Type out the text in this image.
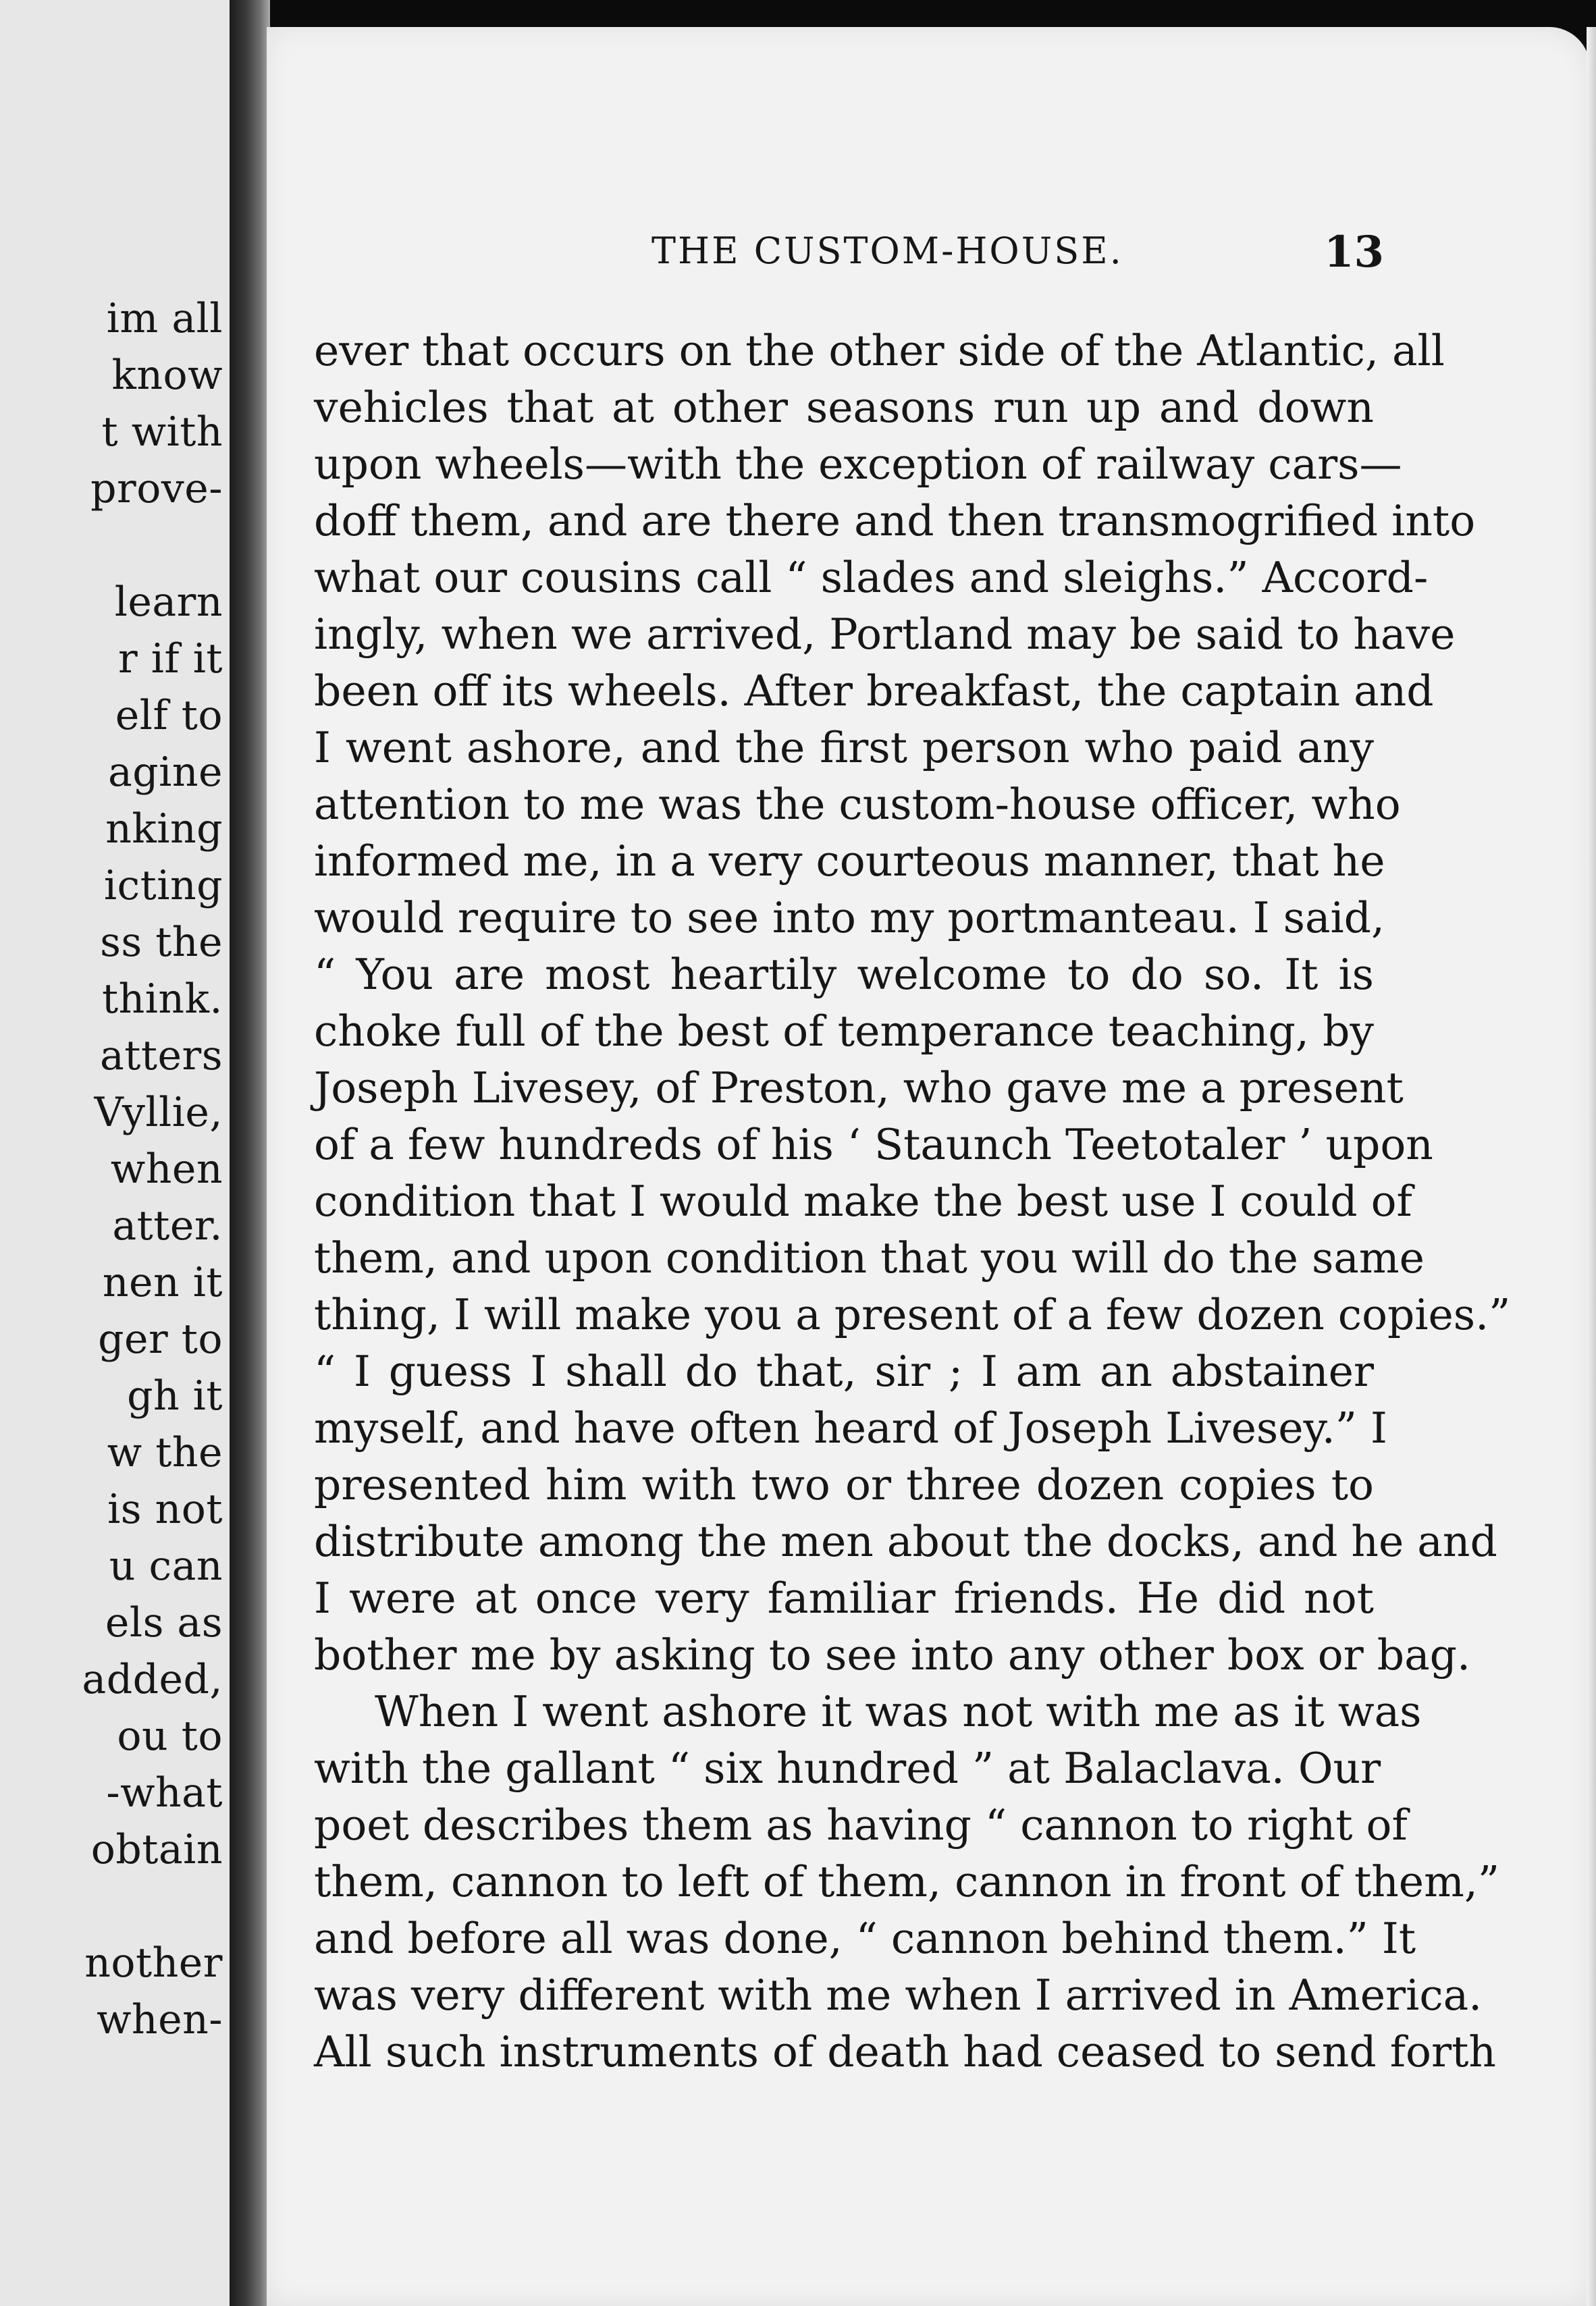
im all
know
t with
prove-
learn
r if it
elf to
agine
nking
icting
ss the
think.
atters
Vyllie,
when
atter.
nen it
ger to
gh it
w the
is not
u can
els as
added,
ou to
-what
obtain
nother
when-
THE CUSTOM-HOUSE.	13
ever that occurs on the other side of the Atlantic, all
vehicles that at other seasons run up and down
upon wheels—with the exception of railway cars—
doff them, and are there and then transmogrified into
what our cousins call “ slades and sleighs.” Accord-
ingly, when we arrived, Portland may be said to have
been off its wheels. After breakfast, the captain and
I went ashore, and the first person who paid any
attention to me was the custom-house officer, who
informed me, in a very courteous manner, that he
would require to see into my portmanteau. I said,
“ You are most heartily welcome to do so. It is
choke full of the best of temperance teaching, by
Joseph Livesey, of Preston, who gave me a present
of a few hundreds of his ‘ Staunch Teetotaler ’ upon
condition that I would make the best use I could of
them, and upon condition that you will do the same
thing, I will make you a present of a few dozen copies.”
“ I guess I shall do that, sir ; I am an abstainer
myself, and have often heard of Joseph Livesey.” I
presented him with two or three dozen copies to
distribute among the men about the docks, and he and
I were at once very familiar friends. He did not
bother me by asking to see into any other box or bag.
When I went ashore it was not with me as it was
with the gallant “ six hundred ” at Balaclava. Our
poet describes them as having “ cannon to right of
them, cannon to left of them, cannon in front of them,”
and before all was done, “ cannon behind them.” It
was very different with me when I arrived in America.
All such instruments of death had ceased to send forth
